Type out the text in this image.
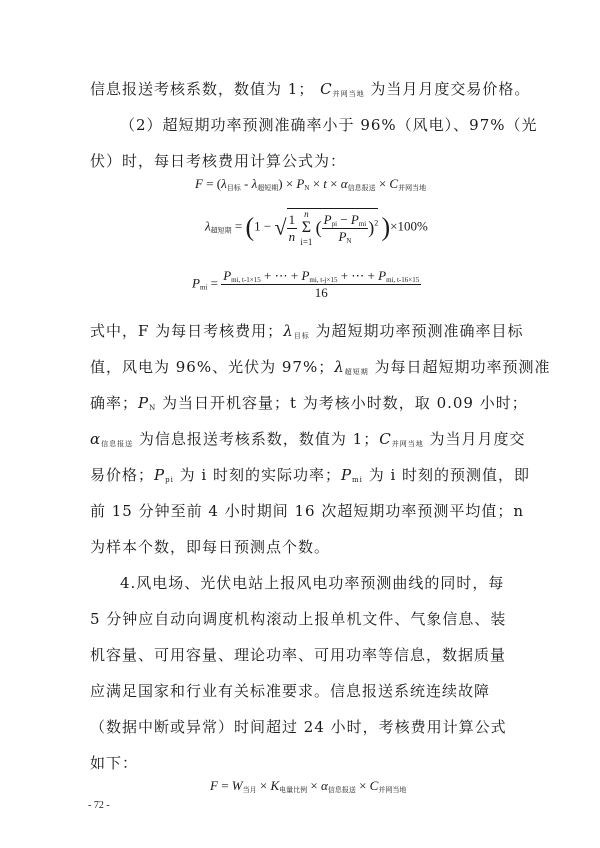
信息报送考核系数，数值为 1； $C_{并网当地}$ 为当月月度交易价格。
（2）超短期功率预测准确率小于 96%（风电）、97%（光
伏）时，每日考核费用计算公式为：
$F = (\lambda_{目标} - \lambda_{超短期}) \times P_N \times t \times \alpha_{信息报送} \times C_{并网当地}$
$\lambda_{超短期} = (1$ − √ $\frac{1}{n}$ n
Σ
i=1 ( $\frac{P_{pi} - P_{mi}}{P_N} )^2$ )×100%
$P_{mi} = \frac{P_{mi, t-1\times 15} + \cdots + P_{mi, t-j\times 15} + \cdots + P_{mi, t-16\times 15}}{16}$
式中，F 为每日考核费用；$\lambda_{目标}$ 为超短期功率预测准确率目标
值，风电为 96%、光伏为 97%；$\lambda_{超短期}$ 为每日超短期功率预测准
确率；$P_N$ 为当日开机容量；t 为考核小时数，取 0.09 小时；
$\alpha_{信息报送}$ 为信息报送考核系数，数值为 1；$C_{并网当地}$ 为当月月度交
易价格；$P_{pi}$ 为 i 时刻的实际功率；$P_{mi}$ 为 i 时刻的预测值，即
前 15 分钟至前 4 小时期间 16 次超短期功率预测平均值；n
为样本个数，即每日预测点个数。
4.风电场、光伏电站上报风电功率预测曲线的同时，每
5 分钟应自动向调度机构滚动上报单机文件、气象信息、装
机容量、可用容量、理论功率、可用功率等信息，数据质量
应满足国家和行业有关标准要求。信息报送系统连续故障
（数据中断或异常）时间超过 24 小时，考核费用计算公式
如下：
$F = W_{当月} \times K_{电量比例} \times \alpha_{信息报送} \times C_{并网当地}$
- 72 -
